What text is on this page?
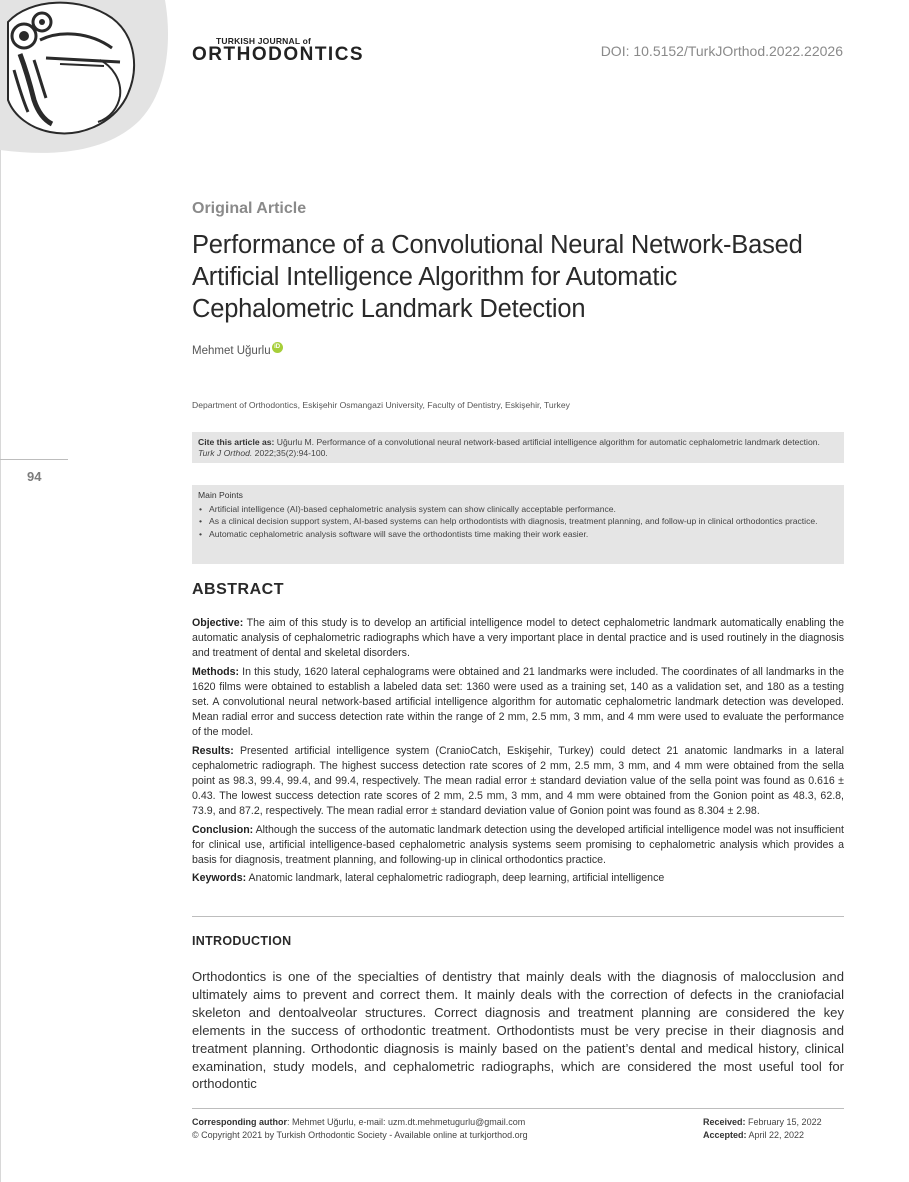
TURKISH JOURNAL of
ORTHODONTICS	DOI: 10.5152/TurkJOrthod.2022.22026
94
Original Article
Performance of a Convolutional Neural Network-Based Artificial Intelligence Algorithm for Automatic Cephalometric Landmark Detection
Mehmet Uğurlu iD
Department of Orthodontics, Eskişehir Osmangazi University, Faculty of Dentistry, Eskişehir, Turkey
Cite this article as: Uğurlu M. Performance of a convolutional neural network-based artificial intelligence algorithm for automatic cephalometric landmark detection. Turk J Orthod. 2022;35(2):94-100.
Main Points
• Artificial intelligence (AI)-based cephalometric analysis system can show clinically acceptable performance.
• As a clinical decision support system, AI-based systems can help orthodontists with diagnosis, treatment planning, and follow-up in clinical orthodontics practice.
• Automatic cephalometric analysis software will save the orthodontists time making their work easier.
ABSTRACT

Objective: The aim of this study is to develop an artificial intelligence model to detect cephalometric landmark automatically enabling the automatic analysis of cephalometric radiographs which have a very important place in dental practice and is used routinely in the diagnosis and treatment of dental and skeletal disorders.

Methods: In this study, 1620 lateral cephalograms were obtained and 21 landmarks were included. The coordinates of all landmarks in the 1620 films were obtained to establish a labeled data set: 1360 were used as a training set, 140 as a validation set, and 180 as a testing set. A convolutional neural network-based artificial intelligence algorithm for automatic cephalometric landmark detection was developed. Mean radial error and success detection rate within the range of 2 mm, 2.5 mm, 3 mm, and 4 mm were used to evaluate the performance of the model.

Results: Presented artificial intelligence system (CranioCatch, Eskişehir, Turkey) could detect 21 anatomic landmarks in a lateral cephalometric radiograph. The highest success detection rate scores of 2 mm, 2.5 mm, 3 mm, and 4 mm were obtained from the sella point as 98.3, 99.4, 99.4, and 99.4, respectively. The mean radial error ± standard deviation value of the sella point was found as 0.616 ± 0.43. The lowest success detection rate scores of 2 mm, 2.5 mm, 3 mm, and 4 mm were obtained from the Gonion point as 48.3, 62.8, 73.9, and 87.2, respectively. The mean radial error ± standard deviation value of Gonion point was found as 8.304 ± 2.98.

Conclusion: Although the success of the automatic landmark detection using the developed artificial intelligence model was not insufficient for clinical use, artificial intelligence-based cephalometric analysis systems seem promising to cephalometric analysis which provides a basis for diagnosis, treatment planning, and following-up in clinical orthodontics practice.

Keywords: Anatomic landmark, lateral cephalometric radiograph, deep learning, artificial intelligence

INTRODUCTION

Orthodontics is one of the specialties of dentistry that mainly deals with the diagnosis of malocclusion and ultimately aims to prevent and correct them. It mainly deals with the correction of defects in the craniofacial skeleton and dentoalveolar structures. Correct diagnosis and treatment planning are considered the key elements in the success of orthodontic treatment. Orthodontists must be very precise in their diagnosis and treatment planning. Orthodontic diagnosis is mainly based on the patient’s dental and medical history, clinical examination, study models, and cephalometric radiographs, which are considered the most useful tool for orthodontic

Corresponding author: Mehmet Uğurlu, e-mail: uzm.dt.mehmetugurlu@gmail.com
© Copyright 2021 by Turkish Orthodontic Society - Available online at turkjorthod.org
Received: February 15, 2022
Accepted: April 22, 2022
